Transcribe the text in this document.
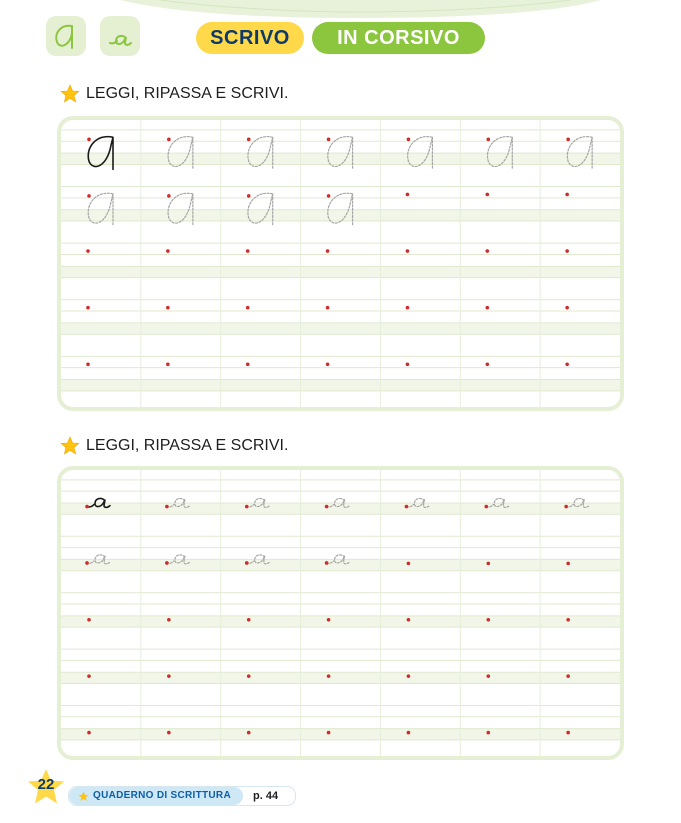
SCRIVO	IN CORSIVO
LEGGI, RIPASSA E SCRIVI.
LEGGI, RIPASSA E SCRIVI.
22
QUADERNO DI SCRITTURA p. 44
